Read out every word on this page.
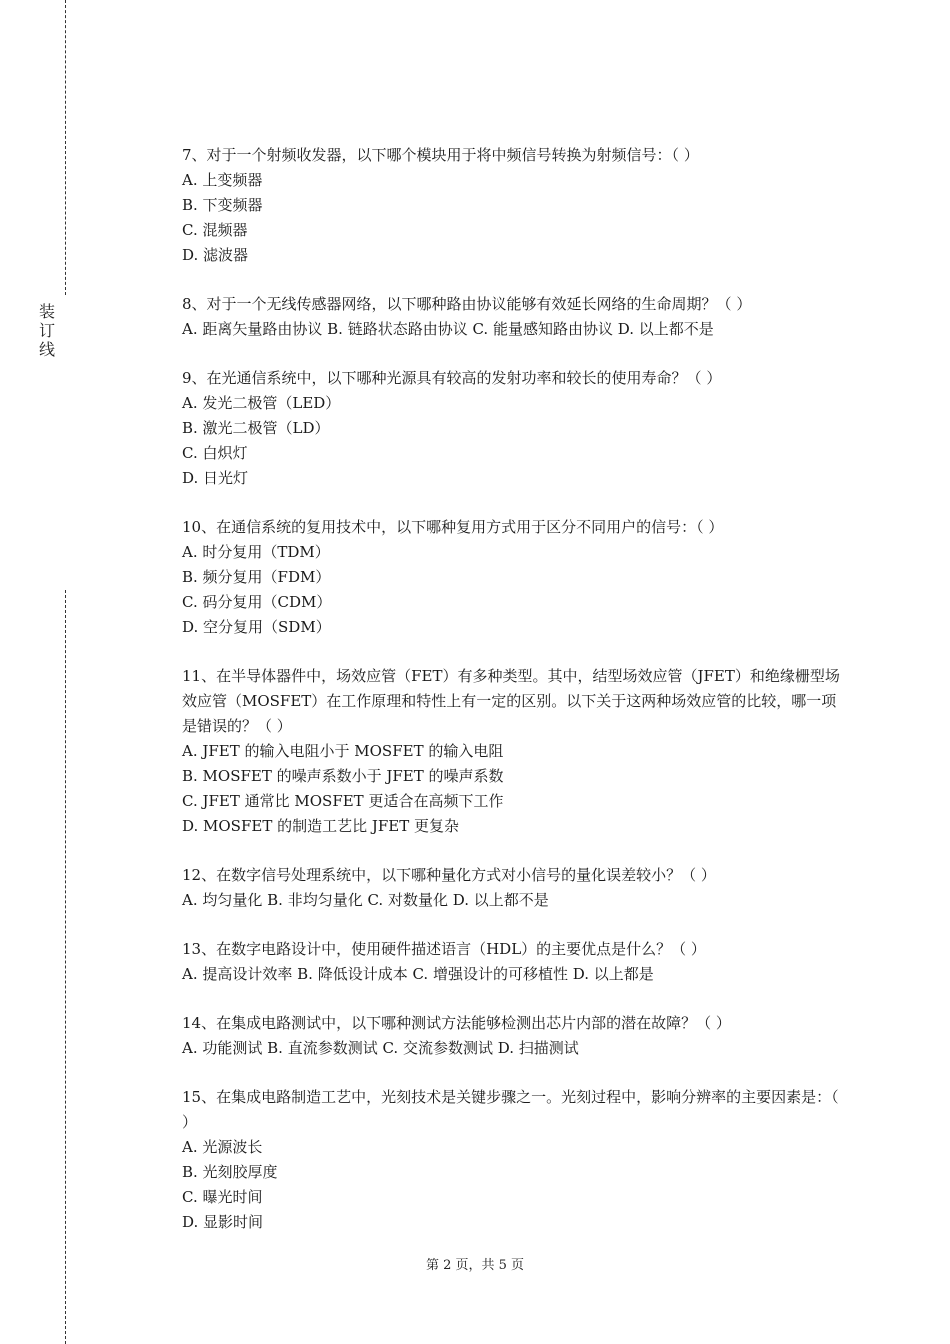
装
订
线

7、对于一个射频收发器，以下哪个模块用于将中频信号转换为射频信号：（ ）

A. 上变频器

B. 下变频器

C. 混频器

D. 滤波器

8、对于一个无线传感器网络，以下哪种路由协议能够有效延长网络的生命周期？（ ）

A. 距离矢量路由协议 B. 链路状态路由协议 C. 能量感知路由协议 D. 以上都不是

9、在光通信系统中，以下哪种光源具有较高的发射功率和较长的使用寿命？（ ）

A. 发光二极管（LED）

B. 激光二极管（LD）

C. 白炽灯

D. 日光灯

10、在通信系统的复用技术中，以下哪种复用方式用于区分不同用户的信号：（ ）

A. 时分复用（TDM）

B. 频分复用（FDM）

C. 码分复用（CDM）

D. 空分复用（SDM）

11、在半导体器件中，场效应管（FET）有多种类型。其中，结型场效应管（JFET）和绝缘栅型场效应管（MOSFET）在工作原理和特性上有一定的区别。以下关于这两种场效应管的比较，哪一项是错误的？（ ）

A. JFET 的输入电阻小于 MOSFET 的输入电阻

B. MOSFET 的噪声系数小于 JFET 的噪声系数

C. JFET 通常比 MOSFET 更适合在高频下工作

D. MOSFET 的制造工艺比 JFET 更复杂

12、在数字信号处理系统中，以下哪种量化方式对小信号的量化误差较小？（ ）

A. 均匀量化 B. 非均匀量化 C. 对数量化 D. 以上都不是

13、在数字电路设计中，使用硬件描述语言（HDL）的主要优点是什么？（ ）

A. 提高设计效率 B. 降低设计成本 C. 增强设计的可移植性 D. 以上都是

14、在集成电路测试中，以下哪种测试方法能够检测出芯片内部的潜在故障？（ ）

A. 功能测试 B. 直流参数测试 C. 交流参数测试 D. 扫描测试

15、在集成电路制造工艺中，光刻技术是关键步骤之一。光刻过程中，影响分辨率的主要因素是：（ ）

A. 光源波长

B. 光刻胶厚度

C. 曝光时间

D. 显影时间

第 2 页，共 5 页
